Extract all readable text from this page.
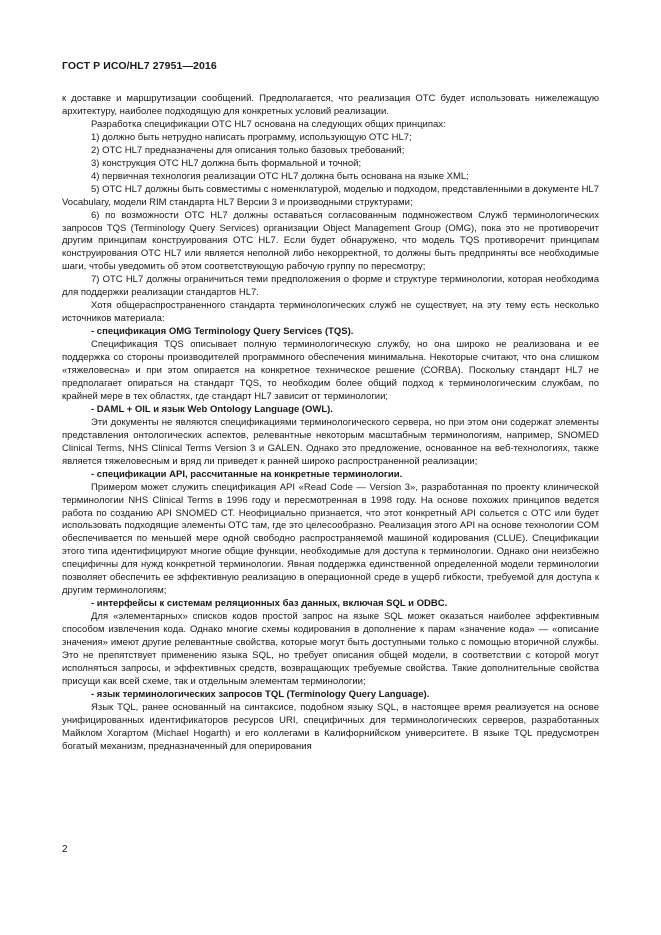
ГОСТ Р ИСО/HL7 27951—2016

к доставке и маршрутизации сообщений. Предполагается, что реализация ОТС будет использовать нижележащую архитектуру, наиболее подходящую для конкретных условий реализации.

Разработка спецификации ОТС HL7 основана на следующих общих принципах:

1) должно быть нетрудно написать программу, использующую ОТС HL7;

2) ОТС HL7 предназначены для описания только базовых требований;

3) конструкция ОТС HL7 должна быть формальной и точной;

4) первичная технология реализации ОТС HL7 должна быть основана на языке XML;

5) ОТС HL7 должны быть совместимы с номенклатурой, моделью и подходом, представленными в документе HL7 Vocabulary, модели RIM стандарта HL7 Версии 3 и производными структурами;

6) по возможности ОТС HL7 должны оставаться согласованным подмножеством Служб терминологических запросов TQS (Terminology Query Services) организации Object Management Group (OMG), пока это не противоречит другим принципам конструирования ОТС HL7. Если будет обнаружено, что модель TQS противоречит принципам конструирования ОТС HL7 или является неполной либо некорректной, то должны быть предприняты все необходимые шаги, чтобы уведомить об этом соответствующую рабочую группу по пересмотру;

7) ОТС HL7 должны ограничиться теми предположения о форме и структуре терминологии, которая необходима для поддержки реализации стандартов HL7.

Хотя общераспространенного стандарта терминологических служб не существует, на эту тему есть несколько источников материала:

- спецификация OMG Terminology Query Services (TQS).

Спецификация TQS описывает полную терминологическую службу, но она широко не реализована и ее поддержка со стороны производителей программного обеспечения минимальна. Некоторые считают, что она слишком «тяжеловесна» и при этом опирается на конкретное техническое решение (CORBA). Поскольку стандарт HL7 не предполагает опираться на стандарт TQS, то необходим более общий подход к терминологическим службам, по крайней мере в тех областях, где стандарт HL7 зависит от терминологии;

- DAML + OIL и язык Web Ontology Language (OWL).

Эти документы не являются спецификациями терминологического сервера, но при этом они содержат элементы представления онтологических аспектов, релевантные некоторым масштабным терминологиям, например, SNOMED Clinical Terms, NHS Clinical Terms Version 3 и GALEN. Однако это предложение, основанное на веб-технологиях, также является тяжеловесным и вряд ли приведет к ранней широко распространенной реализации;

- спецификации API, рассчитанные на конкретные терминологии.

Примером может служить спецификация API «Read Code — Version 3», разработанная по проекту клинической терминологии NHS Clinical Terms в 1996 году и пересмотренная в 1998 году. На основе похожих принципов ведется работа по созданию API SNOMED CT. Неофициально признается, что этот конкретный API сольется с ОТС или будет использовать подходящие элементы ОТС там, где это целесообразно. Реализация этого API на основе технологии COM обеспечивается по меньшей мере одной свободно распространяемой машиной кодирования (CLUE). Спецификации этого типа идентифицируют многие общие функции, необходимые для доступа к терминологии. Однако они неизбежно специфичны для нужд конкретной терминологии. Явная поддержка единственной определенной модели терминологии позволяет обеспечить ее эффективную реализацию в операционной среде в ущерб гибкости, требуемой для доступа к другим терминологиям;

- интерфейсы к системам реляционных баз данных, включая SQL и ODBC.

Для «элементарных» списков кодов простой запрос на языке SQL может оказаться наиболее эффективным способом извлечения кода. Однако многие схемы кодирования в дополнение к парам «значение кода» — «описание значения» имеют другие релевантные свойства, которые могут быть доступными только с помощью вторичной службы. Это не препятствует применению языка SQL, но требует описания общей модели, в соответствии с которой могут исполняться запросы, и эффективных средств, возвращающих требуемые свойства. Такие дополнительные свойства присущи как всей схеме, так и отдельным элементам терминологии;

- язык терминологических запросов TQL (Terminology Query Language).

Язык TQL, ранее основанный на синтаксисе, подобном языку SQL, в настоящее время реализуется на основе унифицированных идентификаторов ресурсов URI, специфичных для терминологических серверов, разработанных Майклом Хогартом (Michael Hogarth) и его коллегами в Калифорнийском университете. В языке TQL предусмотрен богатый механизм, предназначенный для оперирования

2
